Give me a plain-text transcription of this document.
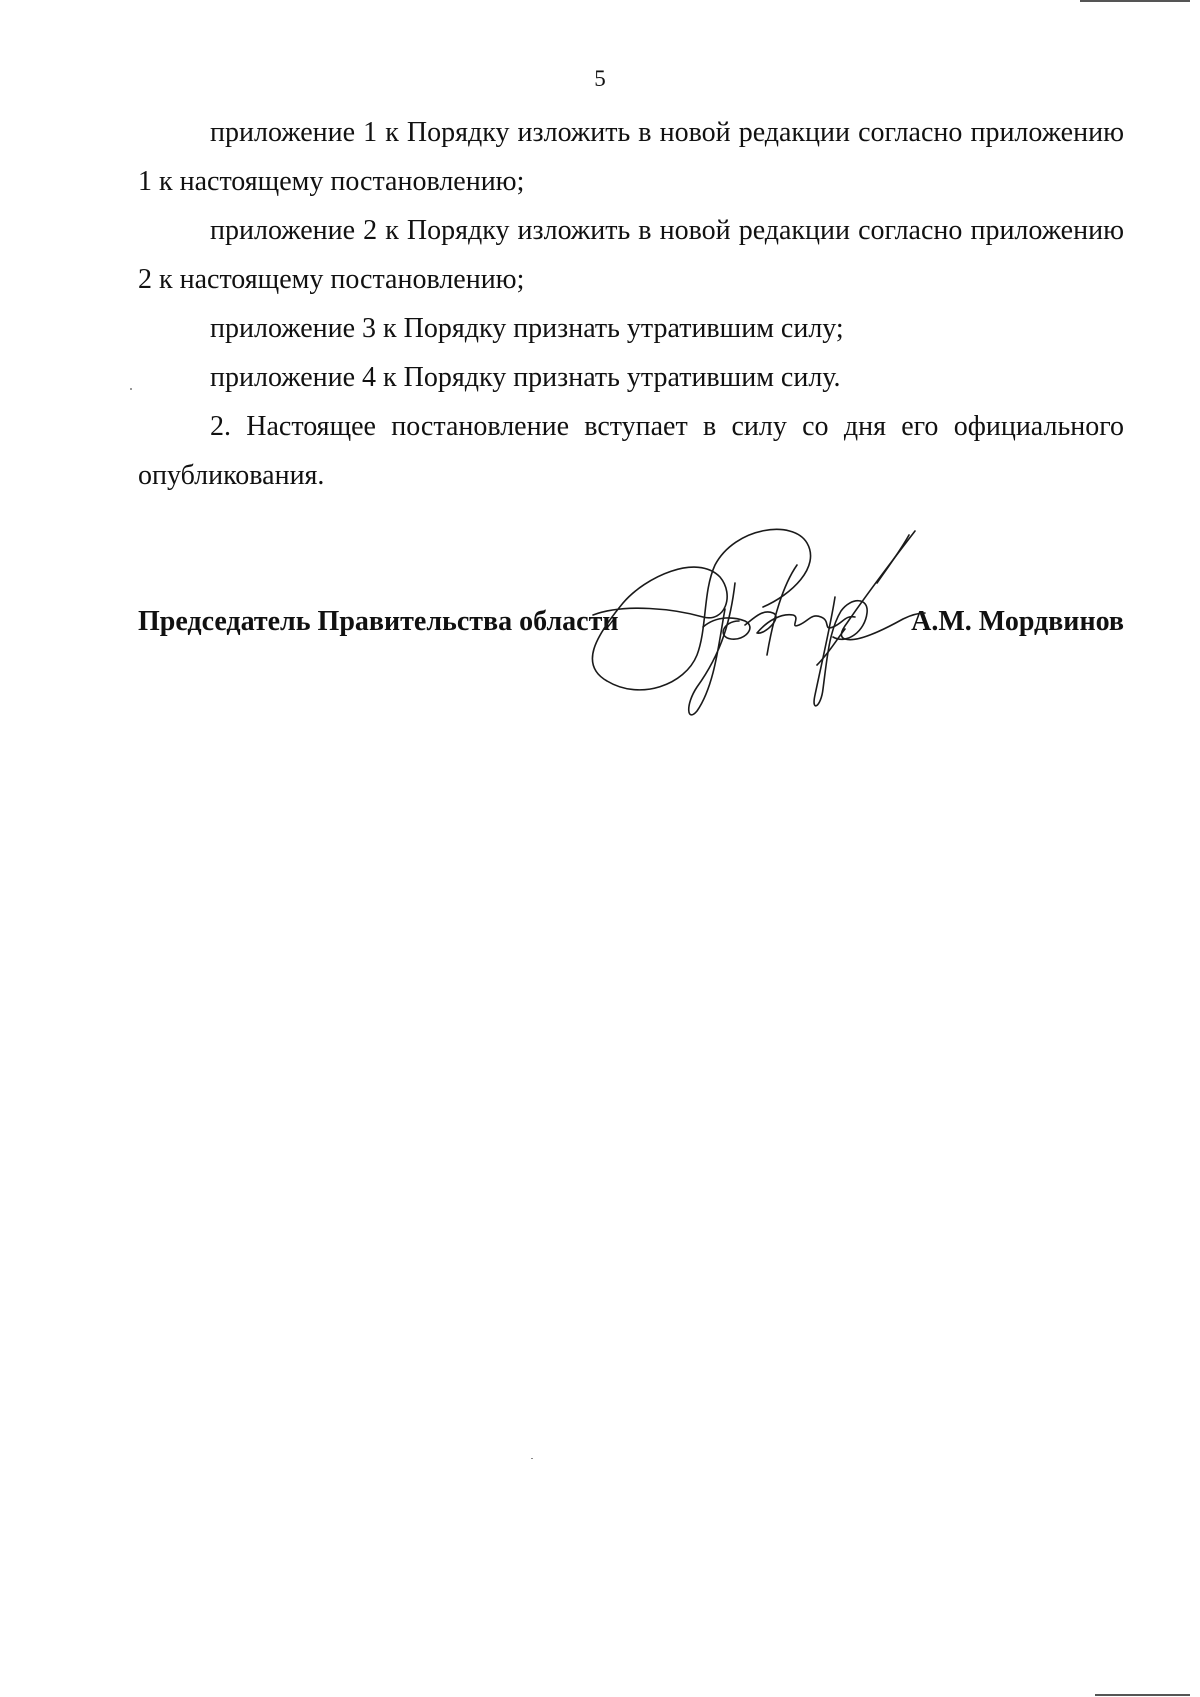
5

приложение 1 к Порядку изложить в новой редакции согласно приложению 1 к настоящему постановлению;

приложение 2 к Порядку изложить в новой редакции согласно приложению 2 к настоящему постановлению;

приложение 3 к Порядку признать утратившим силу;

приложение 4 к Порядку признать утратившим силу.

2. Настоящее постановление вступает в силу со дня его официального опубликования.

Председатель Правительства области	А.М. Мордвинов
